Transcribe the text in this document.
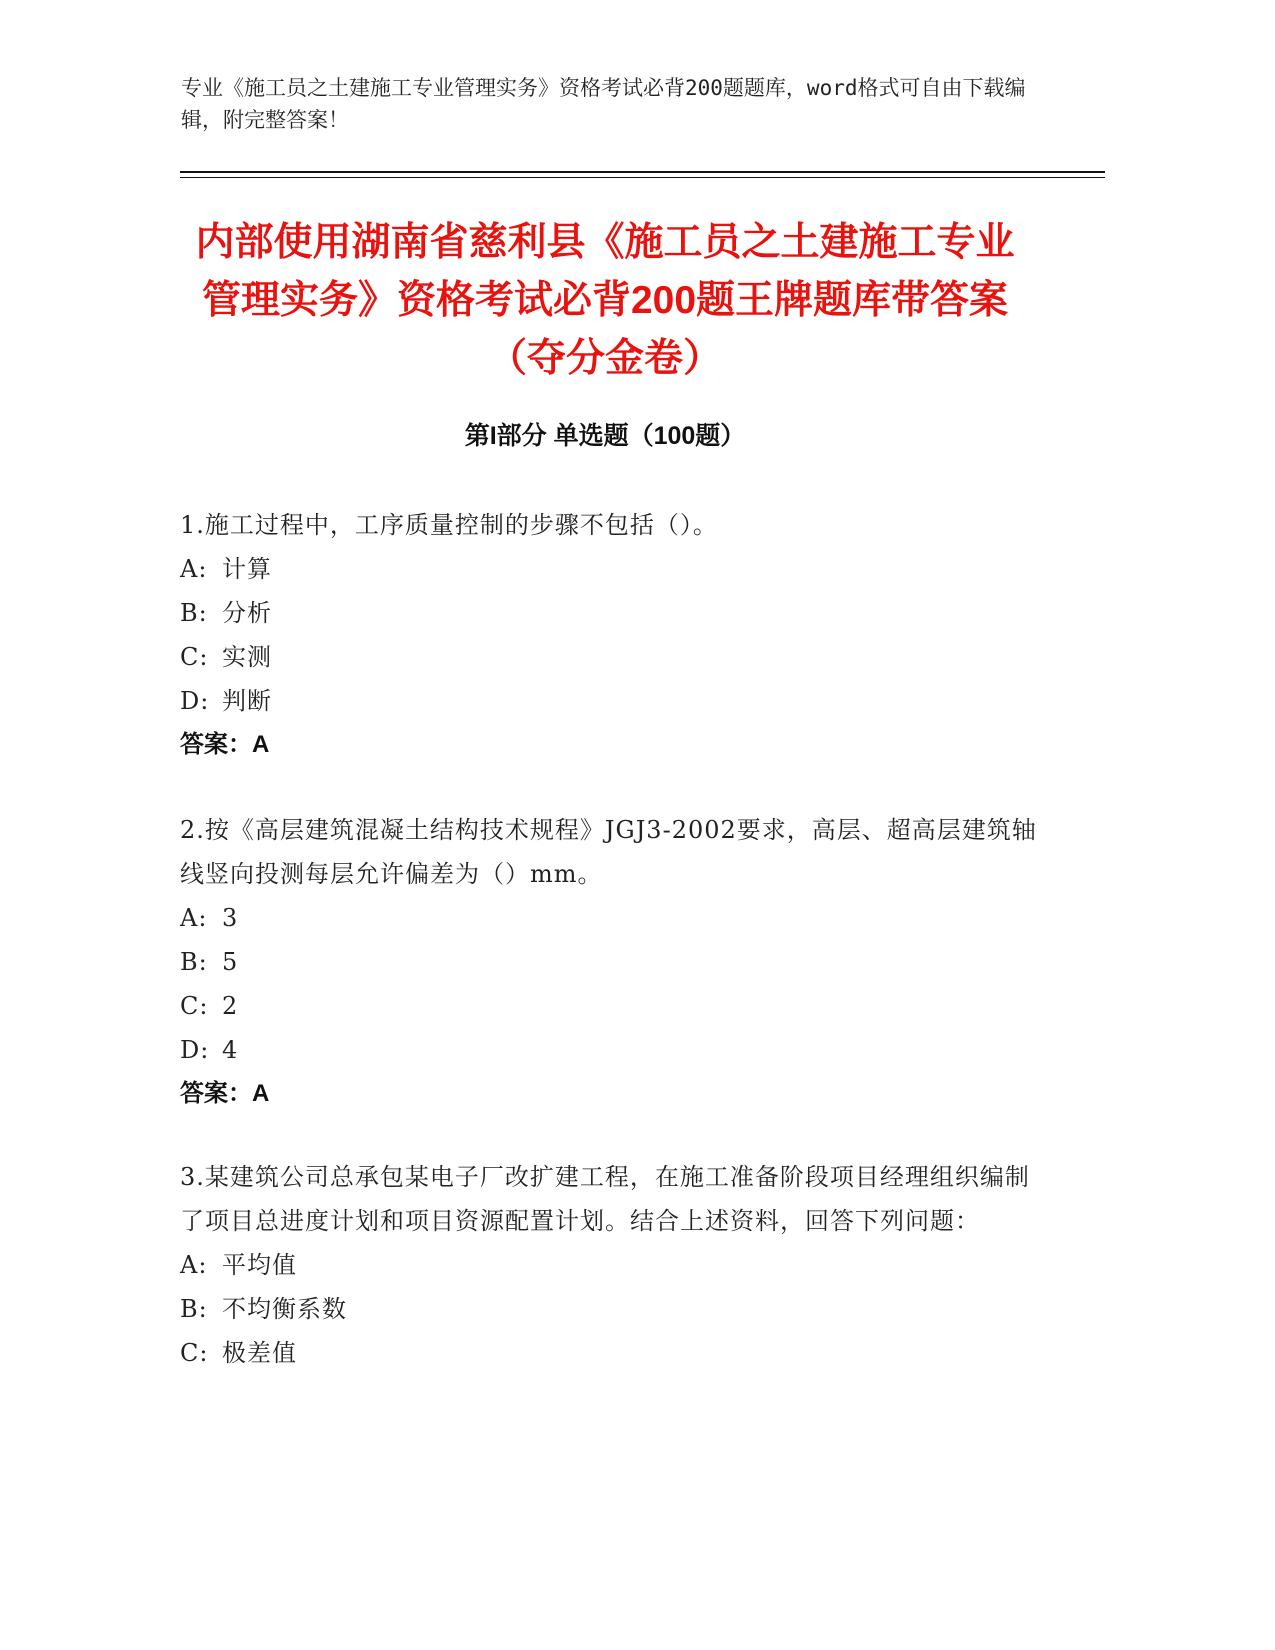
专业《施工员之土建施工专业管理实务》资格考试必背200题题库，word格式可自由下载编辑，附完整答案！
内部使用湖南省慈利县《施工员之土建施工专业管理实务》资格考试必背200题王牌题库带答案（夺分金卷）
第I部分 单选题（100题）
1.施工过程中，工序质量控制的步骤不包括（）。
A: 计算
B: 分析
C: 实测
D: 判断
答案：A
2.按《高层建筑混凝土结构技术规程》JGJ3-2002要求，高层、超高层建筑轴线竖向投测每层允许偏差为（）mm。
A: 3
B: 5
C: 2
D: 4
答案：A
3.某建筑公司总承包某电子厂改扩建工程，在施工准备阶段项目经理组织编制了项目总进度计划和项目资源配置计划。结合上述资料，回答下列问题：
A: 平均值
B: 不均衡系数
C: 极差值
